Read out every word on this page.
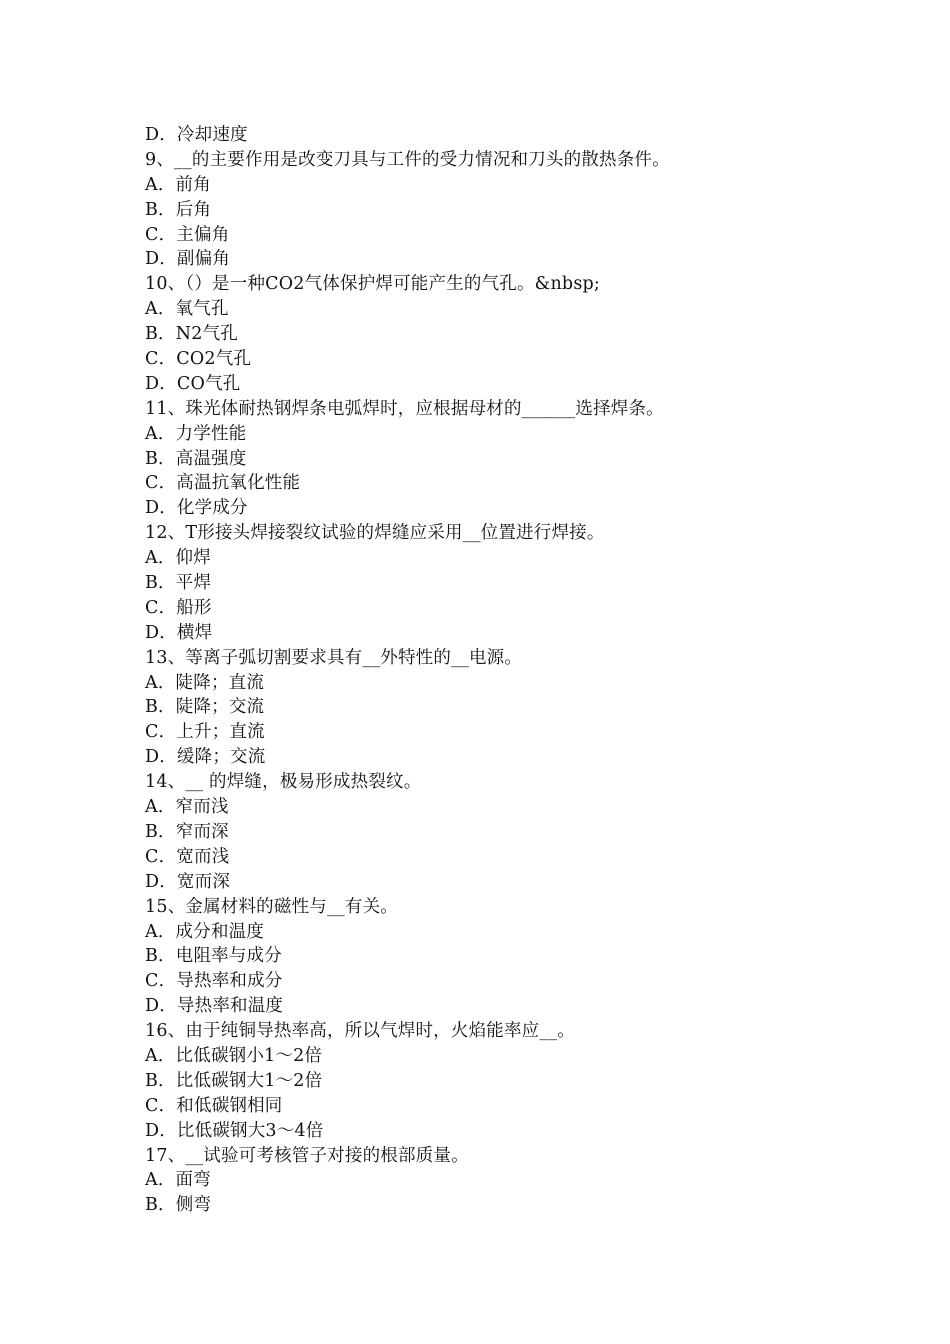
D．冷却速度
9、__的主要作用是改变刀具与工件的受力情况和刀头的散热条件。
A．前角
B．后角
C．主偏角
D．副偏角
10、（）是一种CO2气体保护焊可能产生的气孔。&nbsp;
A．氧气孔
B．N2气孔
C．CO2气孔
D．CO气孔
11、珠光体耐热钢焊条电弧焊时，应根据母材的______选择焊条。
A．力学性能
B．高温强度
C．高温抗氧化性能
D．化学成分
12、T形接头焊接裂纹试验的焊缝应采用__位置进行焊接。
A．仰焊
B．平焊
C．船形
D．横焊
13、等离子弧切割要求具有__外特性的__电源。
A．陡降；直流
B．陡降；交流
C．上升；直流
D．缓降；交流
14、__ 的焊缝，极易形成热裂纹。
A．窄而浅
B．窄而深
C．宽而浅
D．宽而深
15、金属材料的磁性与__有关。
A．成分和温度
B．电阻率与成分
C．导热率和成分
D．导热率和温度
16、由于纯铜导热率高，所以气焊时，火焰能率应__。
A．比低碳钢小1～2倍
B．比低碳钢大1～2倍
C．和低碳钢相同
D．比低碳钢大3～4倍
17、__试验可考核管子对接的根部质量。
A．面弯
B．侧弯
